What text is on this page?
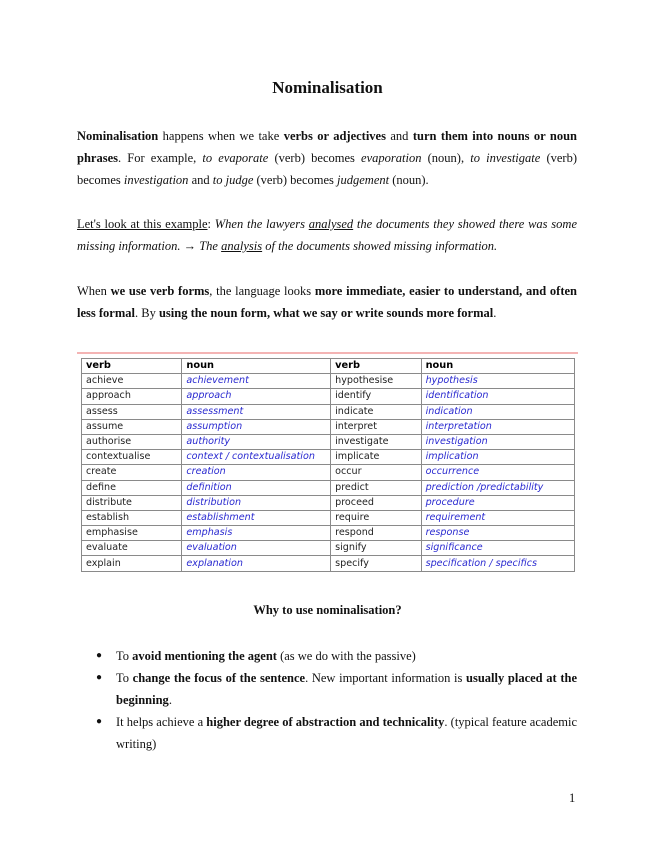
Nominalisation
Nominalisation happens when we take verbs or adjectives and turn them into nouns or noun phrases. For example, to evaporate (verb) becomes evaporation (noun), to investigate (verb) becomes investigation and to judge (verb) becomes judgement (noun).
Let's look at this example: When the lawyers analysed the documents they showed there was some missing information. → The analysis of the documents showed missing information.
When we use verb forms, the language looks more immediate, easier to understand, and often less formal. By using the noun form, what we say or write sounds more formal.
verb	noun	verb	noun
achieve	achievement	hypothesise	hypothesis
approach	approach	identify	identification
assess	assessment	indicate	indication
assume	assumption	interpret	interpretation
authorise	authority	investigate	investigation
contextualise	context / contextualisation	implicate	implication
create	creation	occur	occurrence
define	definition	predict	prediction /predictability
distribute	distribution	proceed	procedure
establish	establishment	require	requirement
emphasise	emphasis	respond	response
evaluate	evaluation	signify	significance
explain	explanation	specify	specification / specifics
Why to use nominalisation?
● To avoid mentioning the agent (as we do with the passive)
● To change the focus of the sentence. New important information is usually placed at the beginning.
● It helps achieve a higher degree of abstraction and technicality. (typical feature academic writing)
1
